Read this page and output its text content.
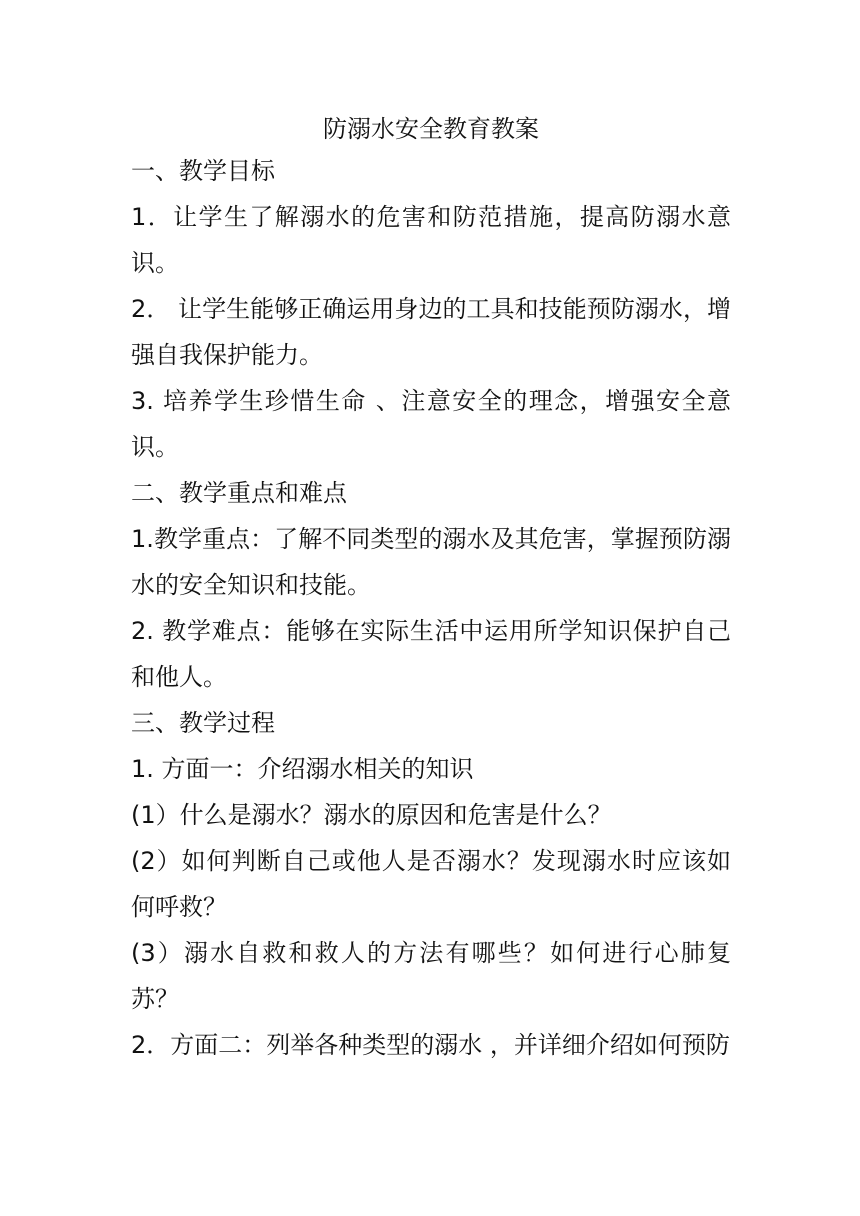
防溺水安全教育教案

一、教学目标

1．让学生了解溺水的危害和防范措施，提高防溺水意识。

2． 让学生能够正确运用身边的工具和技能预防溺水，增强自我保护能力。

3. 培养学生珍惜生命 、注意安全的理念，增强安全意识。

二、教学重点和难点

1.教学重点：了解不同类型的溺水及其危害，掌握预防溺水的安全知识和技能。

2. 教学难点：能够在实际生活中运用所学知识保护自己和他人。

三、教学过程

1. 方面一：介绍溺水相关的知识

(1）什么是溺水？溺水的原因和危害是什么？

(2）如何判断自己或他人是否溺水？发现溺水时应该如何呼救？

(3）溺水自救和救人的方法有哪些？如何进行心肺复苏？

2．方面二：列举各种类型的溺水 ，并详细介绍如何预防
